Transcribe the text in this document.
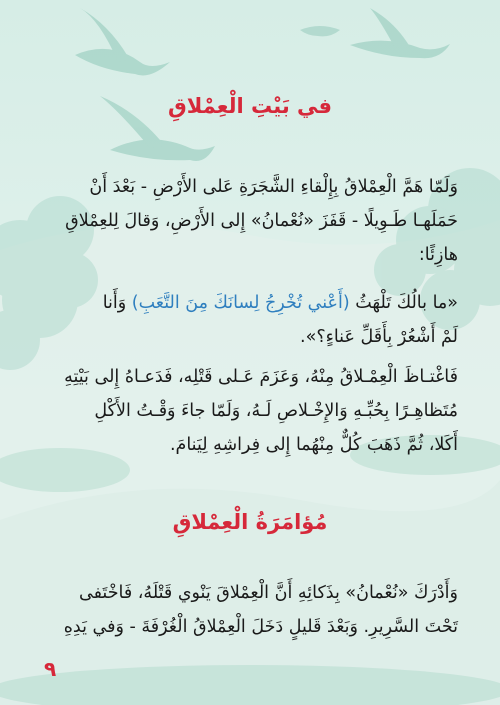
في بَيْتِ الْعِمْلاقِ
وَلَمّا هَمَّ الْعِمْلاقُ بِإِلْقاءِ الشَّجَرَةِ عَلى الأَرْضِ - بَعْدَ أَنْ
حَمَلَهـا طَـوِيلًا - قَفَزَ «نُعْمانُ» إِلى الأَرْضِ، وَقالَ لِلعِمْلاقِ
هازِئًا:
«ما بالُكَ تَلْهَثُ (أَعْني تُخْرِجُ لِسانَكَ مِنَ التَّعَبِ) وَأَنا
لَمْ أَشْعُرْ بِأَقَلِّ عَناءٍ؟».
فَاغْتـاظَ الْعِمْـلاقُ مِنْهُ، وَعَزَمَ عَـلى قَتْلِه، فَدَعـاهُ إِلى بَيْتِهِ
مُتَظاهِـرًا بِحُبِّـهِ وَالإِخْـلاصِ لَـهُ، وَلَمّا جاءَ وَقْـتُ الأَكْلِ
أَكَلا، ثُمَّ ذَهَبَ كُلٌّ مِنْهُما إِلى فِراشِهِ لِيَنامَ.
مُؤامَرَةُ الْعِمْلاقِ
وَأَدْرَكَ «نُعْمانُ» بِذَكائِهِ أَنَّ الْعِمْلاقَ يَنْوي قَتْلَهُ، فَاخْتَفى
تَحْتَ السَّرِيرِ. وَبَعْدَ قَليلٍ دَخَلَ الْعِمْلاقُ الْغُرْفَةَ - وَفي يَدِهِ
٩
